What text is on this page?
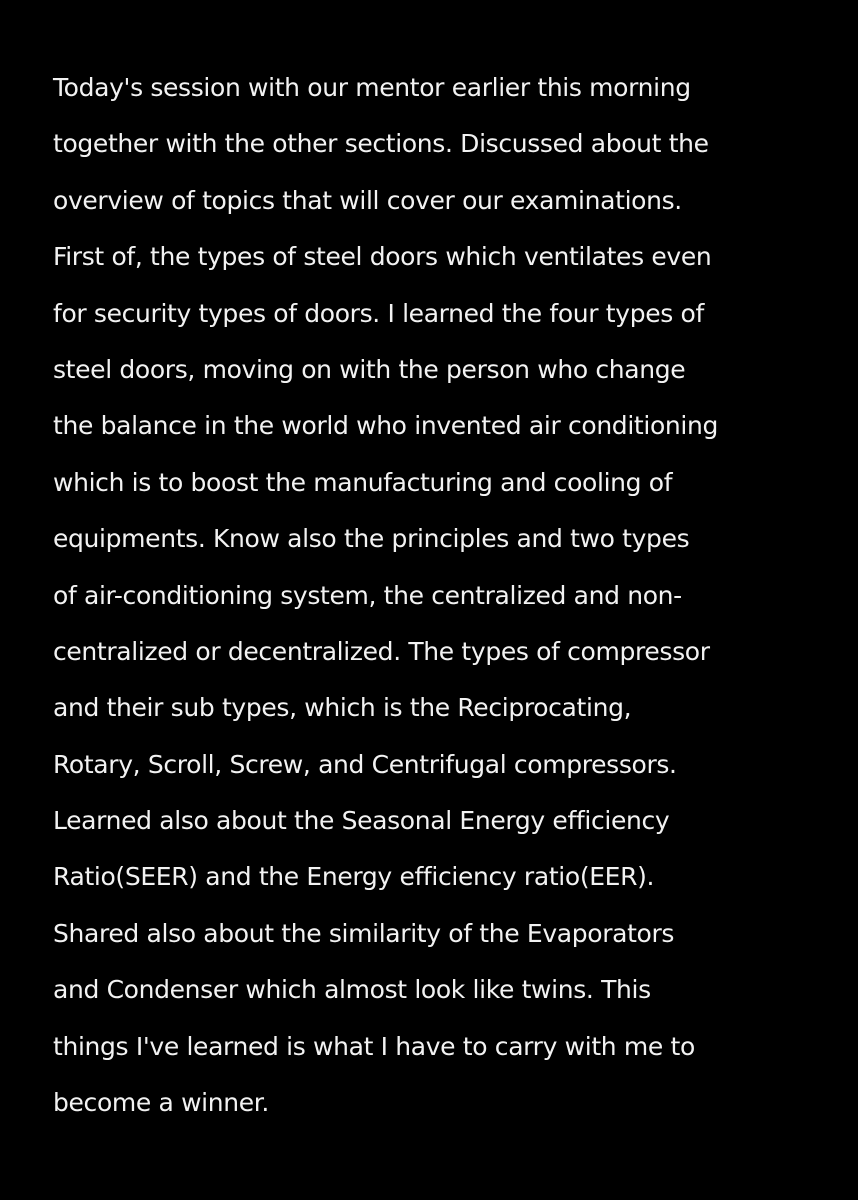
Today's session with our mentor earlier this morning
together with the other sections. Discussed about the
overview of topics that will cover our examinations.
First of, the types of steel doors which ventilates even
for security types of doors. I learned the four types of
steel doors, moving on with the person who change
the balance in the world who invented air conditioning
which is to boost the manufacturing and cooling of
equipments. Know also the principles and two types
of air-conditioning system, the centralized and non-
centralized or decentralized. The types of compressor
and their sub types, which is the Reciprocating,
Rotary, Scroll, Screw, and Centrifugal compressors.
Learned also about the Seasonal Energy efficiency
Ratio(SEER) and the Energy efficiency ratio(EER).
Shared also about the similarity of the Evaporators
and Condenser which almost look like twins. This
things I've learned is what I have to carry with me to
become a winner.
